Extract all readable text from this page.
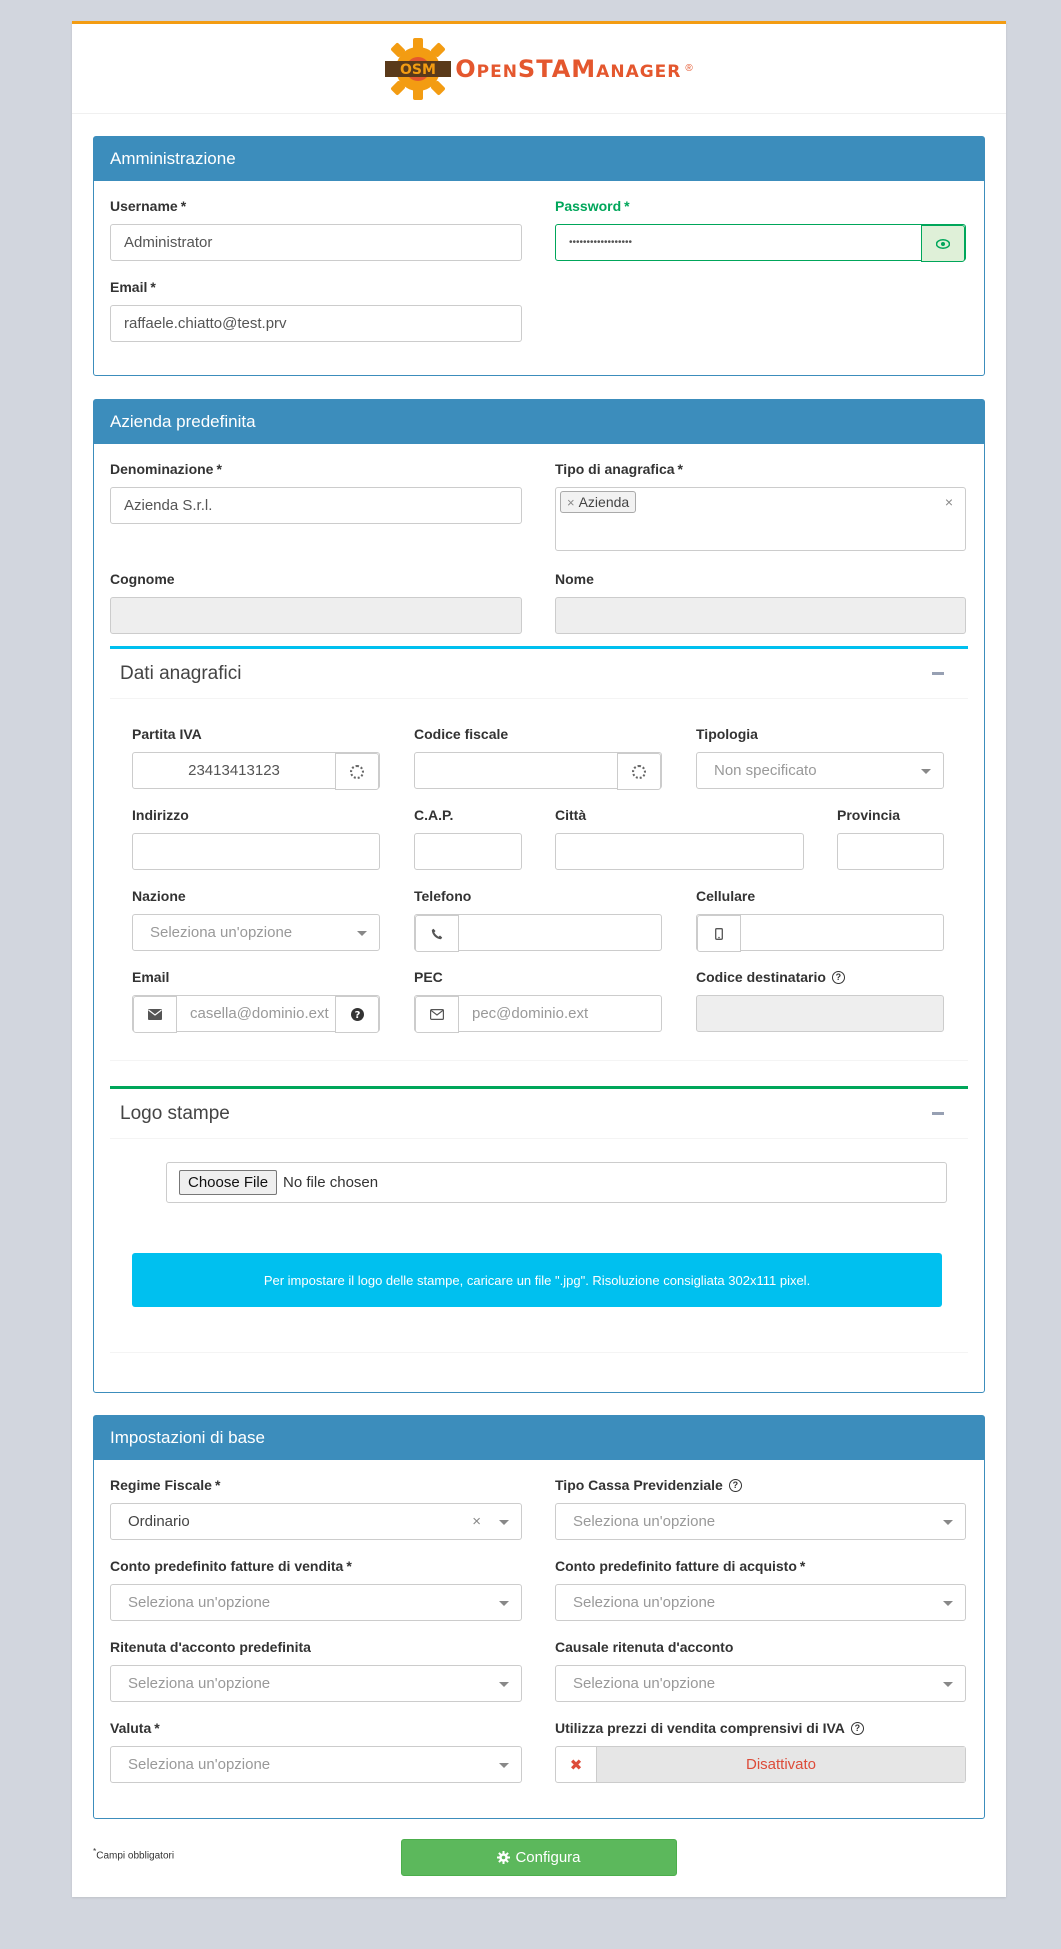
OSM OpenSTAManager ®
Amministrazione
Username *
Administrator
Password *
••••••••••••••••••
Email *
raffaele.chiatto@test.prv
Azienda predefinita
Denominazione *
Azienda S.r.l.
Tipo di anagrafica *
× Azienda	×
Cognome	Nome
Dati anagrafici
Partita IVA
23413413123
Codice fiscale	Tipologia
Non specificato
Indirizzo	C.A.P.	Città	Provincia
Nazione
Seleziona un'opzione
Telefono	Cellulare
Email
casella@dominio.ext	?
PEC
pec@dominio.ext
Codice destinatario	?
Logo stampe
Choose File	No file chosen
Per impostare il logo delle stampe, caricare un file ".jpg". Risoluzione consigliata 302x111 pixel.
Impostazioni di base
Regime Fiscale *
Ordinario	×
Tipo Cassa Previdenziale	?
Seleziona un'opzione
Conto predefinito fatture di vendita *
Seleziona un'opzione
Conto predefinito fatture di acquisto *
Seleziona un'opzione
Ritenuta d'acconto predefinita
Seleziona un'opzione
Causale ritenuta d'acconto
Seleziona un'opzione
Valuta *
Seleziona un'opzione
Utilizza prezzi di vendita comprensivi di IVA	?
✖	Disattivato
*Campi obbligatori	Configura
